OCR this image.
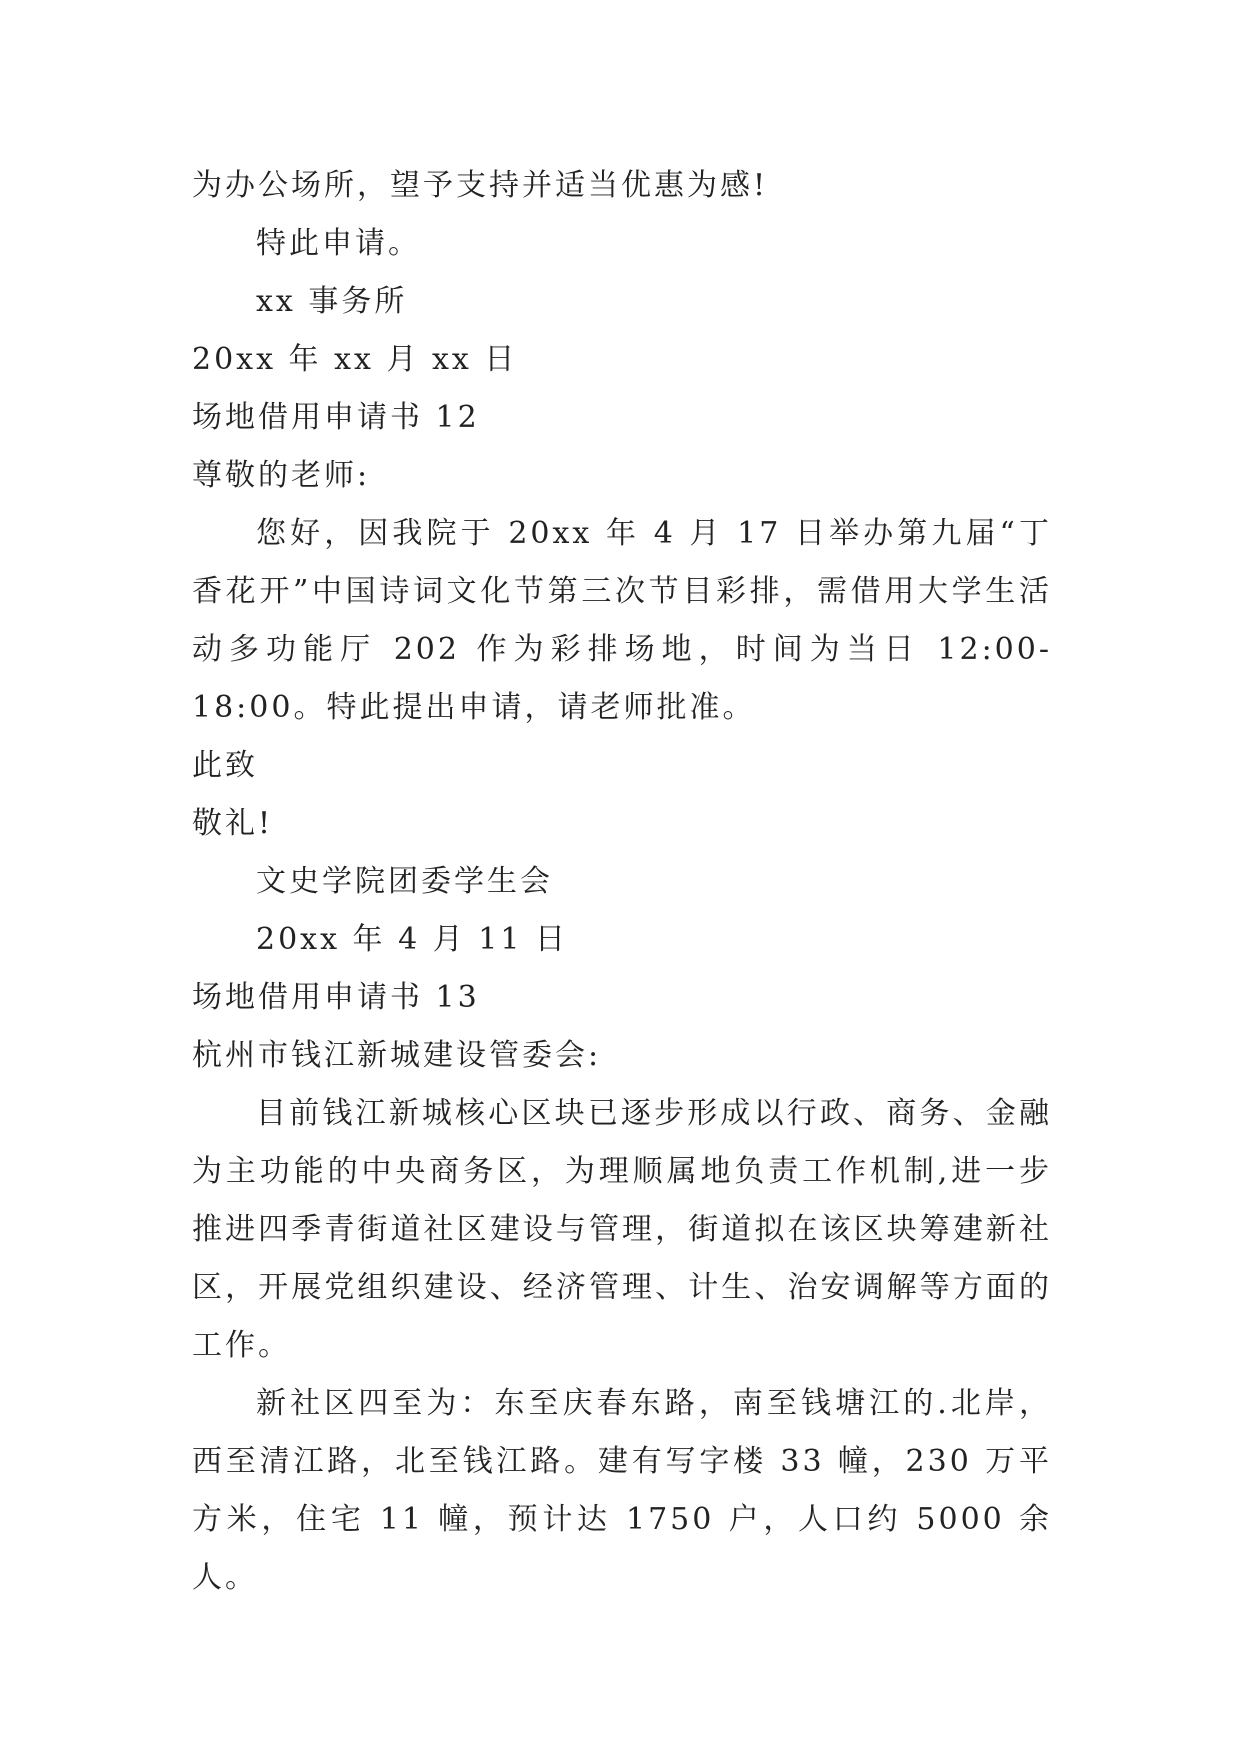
为办公场所，望予支持并适当优惠为感!
特此申请。
xx 事务所
20xx 年 xx 月 xx 日
场地借用申请书 12
尊敬的老师:

您好，因我院于 20xx 年 4 月 17 日举办第九届“丁香花开”中国诗词文化节第三次节目彩排，需借用大学生活动多功能厅 202 作为彩排场地，时间为当日 12:00-18:00。特此提出申请，请老师批准。

此致
敬礼!
文史学院团委学生会
20xx 年 4 月 11 日
场地借用申请书 13
杭州市钱江新城建设管委会:

目前钱江新城核心区块已逐步形成以行政、商务、金融为主功能的中央商务区，为理顺属地负责工作机制,进一步推进四季青街道社区建设与管理，街道拟在该区块筹建新社区，开展党组织建设、经济管理、计生、治安调解等方面的工作。

新社区四至为：东至庆春东路，南至钱塘江的.北岸，西至清江路，北至钱江路。建有写字楼 33 幢，230 万平方米，住宅 11 幢，预计达 1750 户，人口约 5000 余人。
